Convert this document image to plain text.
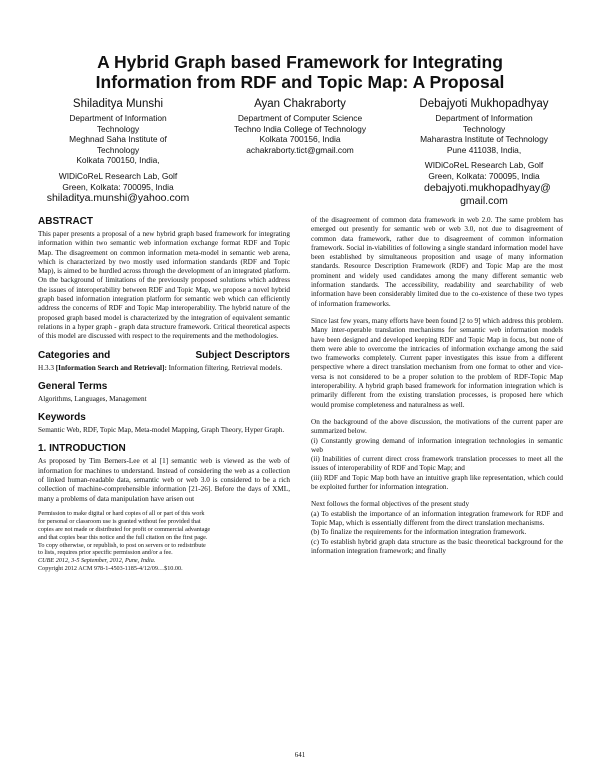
A Hybrid Graph based Framework for Integrating
Information from RDF and Topic Map: A Proposal
Shiladitya Munshi
Department of Information
Technology
Meghnad Saha Institute of
Technology
Kolkata 700150, India,
WIDiCoReL Research Lab, Golf
Green, Kolkata: 700095, India
shiladitya.munshi@yahoo.com
Ayan Chakraborty
Department of Computer Science
Techno India College of Technology
Kolkata 700156, India
achakraborty.tict@gmail.com
Debajyoti Mukhopadhyay
Department of Information
Technology
Maharastra Institute of Technology
Pune 411038, India,
WIDiCoReL Research Lab, Golf
Green, Kolkata: 700095, India
debajyoti.mukhopadhyay@ gmail.com
ABSTRACT

This paper presents a proposal of a new hybrid graph based framework for integrating information within two semantic web information exchange format RDF and Topic Map. The disagreement on common information meta-model in semantic web arena, which is characterized by two mostly used information standards (RDF and Topic Map), is aimed to be hurdled across through the development of an integrated platform. On the background of limitations of the previously proposed solutions which address the issues of interoperability between RDF and Topic Map, we propose a novel hybrid graph based information integration platform for semantic web which can efficiently address the concerns of RDF and Topic Map interoperability. The hybrid nature of the proposed graph based model is characterized by the integration of equivalent semantic relations in a hyper graph - graph data structure framework. Critical theoretical aspects of this model are discussed with respect to the requirements and the methodologies.

Categories and	Subject Descriptors

H.3.3 [Information Search and Retrieval]: Information filtering, Retrieval models.

General Terms

Algorithms, Languages, Management

Keywords

Semantic Web, RDF, Topic Map, Meta-model Mapping, Graph Theory, Hyper Graph.

1. INTRODUCTION

As proposed by Tim Berners-Lee et al [1] semantic web is viewed as the web of information for machines to understand. Instead of considering the web as a collection of linked human-readable data, semantic web or web 3.0 is considered to be a rich collection of machine-comprehensible information [21-26]. Before the days of XML, many a problems of data manipulation have arisen out

Permission to make digital or hard copies of all or part of this work
for personal or classroom use is granted without fee provided that
copies are not made or distributed for profit or commercial advantage
and that copies bear this notice and the full citation on the first page.
To copy otherwise, or republish, to post on servers or to redistribute
to lists, requires prior specific permission and/or a fee.
CUBE 2012, 3-5 September, 2012, Pune, India.
Copyright 2012 ACM 978-1-4503-1185-4/12/09…$10.00.

of the disagreement of common data framework in web 2.0. The same problem has emerged out presently for semantic web or web 3.0, not due to disagreement of common data framework, rather due to disagreement of common information framework. Social in-viabilities of following a single standard information model have been established by simultaneous proposition and usage of many information standards. Resource Description Framework (RDF) and Topic Map are the most prominent and widely used candidates among the many different semantic web information standards. The accessibility, readability and searchability of web information have been considerably limited due to the co-existence of these two types of information frameworks.

Since last few years, many efforts have been found [2 to 9] which address this problem. Many inter-operable translation mechanisms for semantic web information models have been designed and developed keeping RDF and Topic Map in focus, but none of them were able to overcome the intricacies of information exchange among the said two frameworks completely. Current paper investigates this issue from a different perspective where a direct translation mechanism from one format to other and vice-versa is not considered to be a proper solution to the problem of RDF-Topic Map interoperability. A hybrid graph based framework for information integration which is primarily different from the existing translation processes, is proposed here which would promise completeness and naturalness as well.

On the background of the above discussion, the motivations of the current paper are summarized below.

(i) Constantly growing demand of information integration technologies in semantic web

(ii) Inabilities of current direct cross framework translation processes to meet all the issues of interoperability of RDF and Topic Map; and

(iii) RDF and Topic Map both have an intuitive graph like representation, which could be exploited further for information integration.

Next follows the formal objectives of the present study

(a) To establish the importance of an information integration framework for RDF and Topic Map, which is essentially different from the direct translation mechanisms.

(b) To finalize the requirements for the information integration framework.

(c) To establish hybrid graph data structure as the basic theoretical background for the information integration framework; and finally

641
